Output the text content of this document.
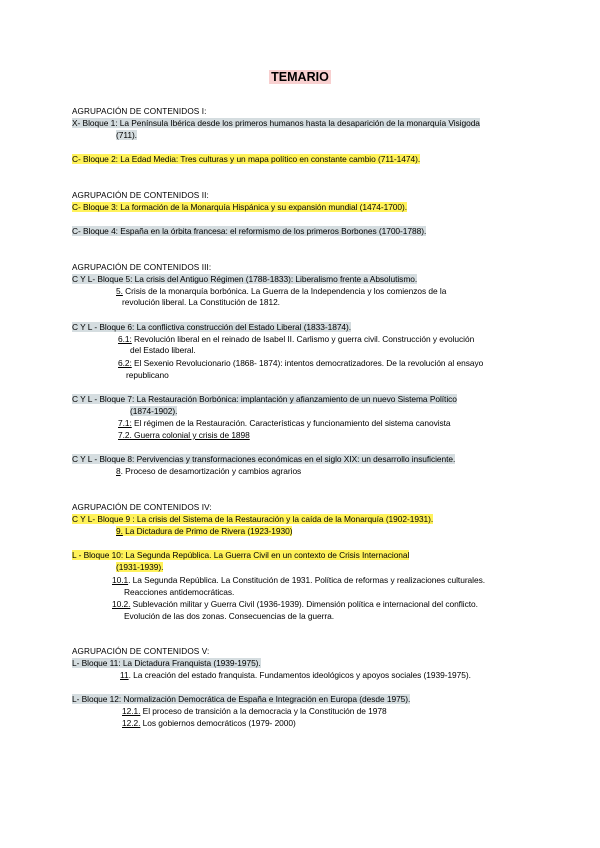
TEMARIO
AGRUPACIÓN DE CONTENIDOS I:
X- Bloque 1: La Península Ibérica desde los primeros humanos hasta la desaparición de la monarquía Visigoda
(711).
C- Bloque 2: La Edad Media: Tres culturas y un mapa político en constante cambio (711-1474).
AGRUPACIÓN DE CONTENIDOS II:
C- Bloque 3: La formación de la Monarquía Hispánica y su expansión mundial (1474-1700).
C- Bloque 4: España en la órbita francesa: el reformismo de los primeros Borbones (1700-1788).
AGRUPACIÓN DE CONTENIDOS III:
C Y L- Bloque 5: La crisis del Antiguo Régimen (1788-1833): Liberalismo frente a Absolutismo.
5. Crisis de la monarquía borbónica. La Guerra de la Independencia y los comienzos de la
revolución liberal. La Constitución de 1812.
C Y L - Bloque 6: La conflictiva construcción del Estado Liberal (1833-1874).
6.1: Revolución liberal en el reinado de Isabel II. Carlismo y guerra civil. Construcción y evolución
del Estado liberal.
6.2: El Sexenio Revolucionario (1868- 1874): intentos democratizadores. De la revolución al ensayo
republicano
C Y L - Bloque 7: La Restauración Borbónica: implantación y afianzamiento de un nuevo Sistema Político
(1874-1902).
7.1: El régimen de la Restauración. Características y funcionamiento del sistema canovista
7.2. Guerra colonial y crisis de 1898
C Y L - Bloque 8: Pervivencias y transformaciones económicas en el siglo XIX: un desarrollo insuficiente.
8. Proceso de desamortización y cambios agrarios
AGRUPACIÓN DE CONTENIDOS IV:
C Y L- Bloque 9 : La crisis del Sistema de la Restauración y la caída de la Monarquía (1902-1931).
9. La Dictadura de Primo de Rivera (1923-1930)
L - Bloque 10: La Segunda República. La Guerra Civil en un contexto de Crisis Internacional
(1931-1939).
10.1. La Segunda República. La Constitución de 1931. Política de reformas y realizaciones culturales.
Reacciones antidemocráticas.
10.2. Sublevación militar y Guerra Civil (1936-1939). Dimensión política e internacional del conflicto.
Evolución de las dos zonas. Consecuencias de la guerra.
AGRUPACIÓN DE CONTENIDOS V:
L- Bloque 11: La Dictadura Franquista (1939-1975).
11. La creación del estado franquista. Fundamentos ideológicos y apoyos sociales (1939-1975).
L- Bloque 12: Normalización Democrática de España e Integración en Europa (desde 1975).
12.1. El proceso de transición a la democracia y la Constitución de 1978
12.2. Los gobiernos democráticos (1979- 2000)
